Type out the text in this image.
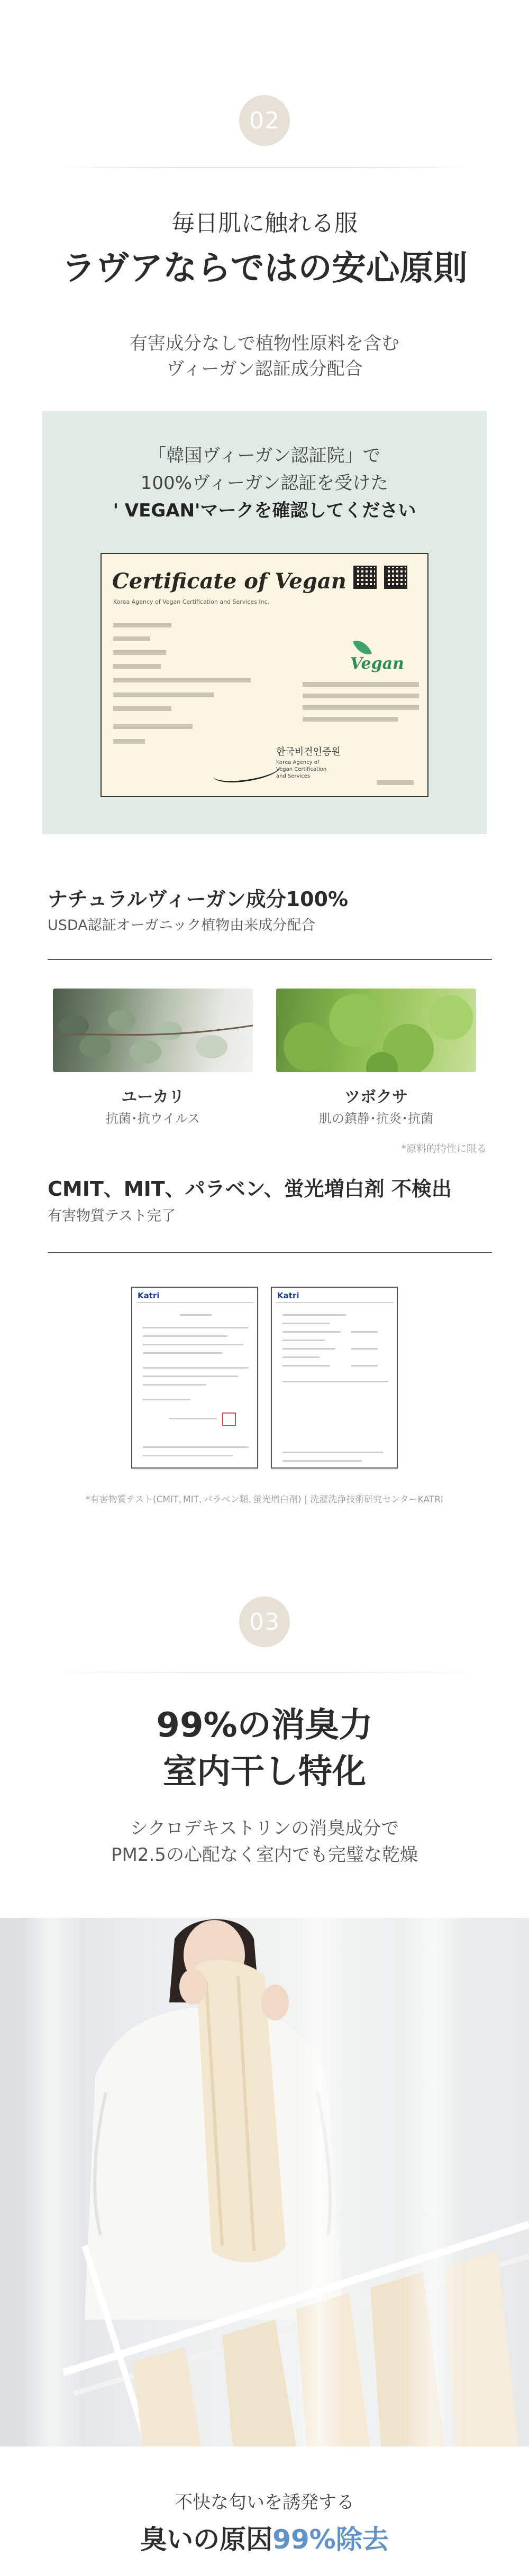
02
毎日肌に触れる服
ラヴアならではの安心原則
有害成分なしで植物性原料を含む
ヴィーガン認証成分配合
「韓国ヴィーガン認証院」で
100%ヴィーガン認証を受けた
' VEGAN'マークを確認してください
Certificate of Vegan
Korea Agency of Vegan Certification and Services Inc.
Vegan
한국비건인증원
Korea Agency of Vegan Certification and Services
ナチュラルヴィーガン成分100%
USDA認証オーガニック植物由来成分配合
ユーカリ
抗菌･抗ウイルス
ツボクサ
肌の鎮静･抗炎･抗菌
*原料的特性に限る
CMIT、MIT、パラベン、蛍光増白剤 不検出
有害物質テスト完了
Katri	Katri
*有害物質テスト(CMIT､MIT､パラベン類､蛍光増白剤) | 洗濯洗浄技術研究センターKATRI
03
99%の消臭力
室内干し特化
シクロデキストリンの消臭成分で
PM2.5の心配なく室内でも完璧な乾燥
不快な匂いを誘発する
臭いの原因99%除去
